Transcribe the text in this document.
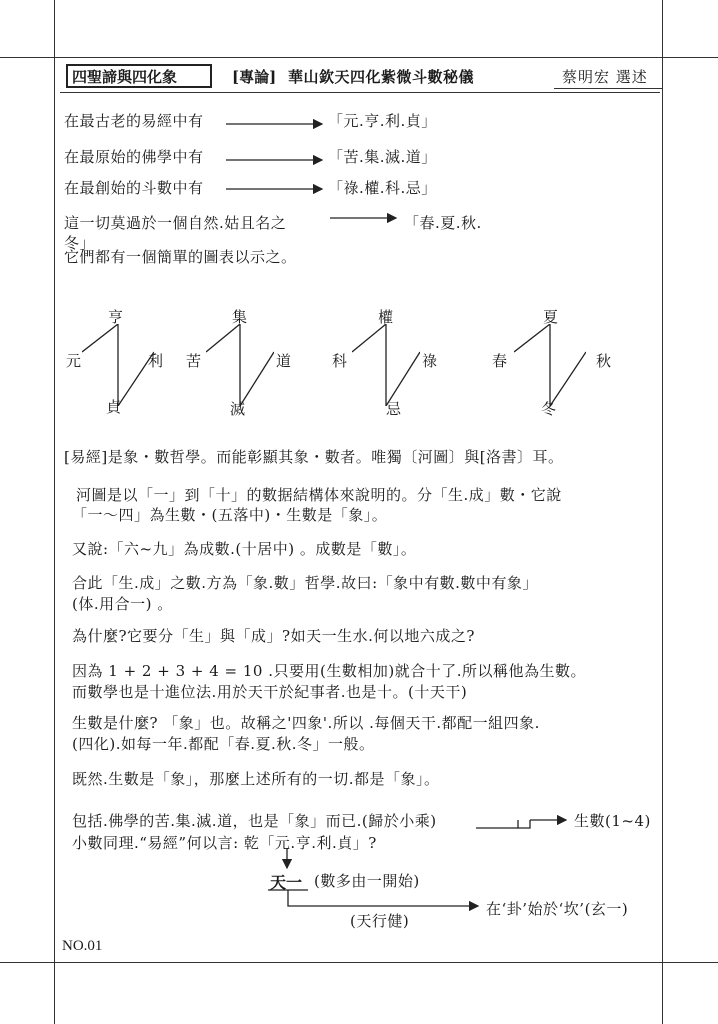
四聖諦與四化象	[專論] 華山欽天四化紫微斗數秘儀	蔡明宏 選述
在最古老的易經中有	「元.亨.利.貞」
在最原始的佛學中有	「苦.集.滅.道」
在最創始的斗數中有	「祿.權.科.忌」
這一切莫過於一個自然.姑且名之	「春.夏.秋.
冬」
它們都有一個簡單的圖表以示之。
亨
元	利
貞
集
苦	道
滅
權
科	祿
忌
夏
春	秋
冬
[易經]是象・數哲學。而能彰顯其象・數者。唯獨〔河圖〕與[洛書〕耳。
河圖是以「一」到「十」的數据結構体來說明的。分「生.成」數・它說
「一～四」為生數・(五落中)・生數是「象」。
又說:「六~九」為成數.(十居中) 。成數是「數」。
合此「生.成」之數.方為「象.數」哲學.故曰:「象中有數.數中有象」
(体.用合一) 。
為什麼?它要分「生」與「成」?如天一生水.何以地六成之?
因為 1 + 2 + 3 + 4 = 10 .只要用(生數相加)就合十了.所以稱他為生數。
而數學也是十進位法.用於天干於紀事者.也是十。(十天干)
生數是什麼? 「象」也。故稱之'四象'.所以 .每個天干.都配一組四象.
(四化).如每一年.都配「春.夏.秋.冬」一般。
既然.生數是「象」，那麼上述所有的一切.都是「象」。
包括.佛學的苦.集.滅.道，也是「象」而已.(歸於小乘)
小數同理.“易經”何以言: 乾「元.亨.利.貞」?
生數(1~4)
天一 (數多由一開始)
在‘卦’始於‘坎’(玄一)
(天行健)
NO.01
